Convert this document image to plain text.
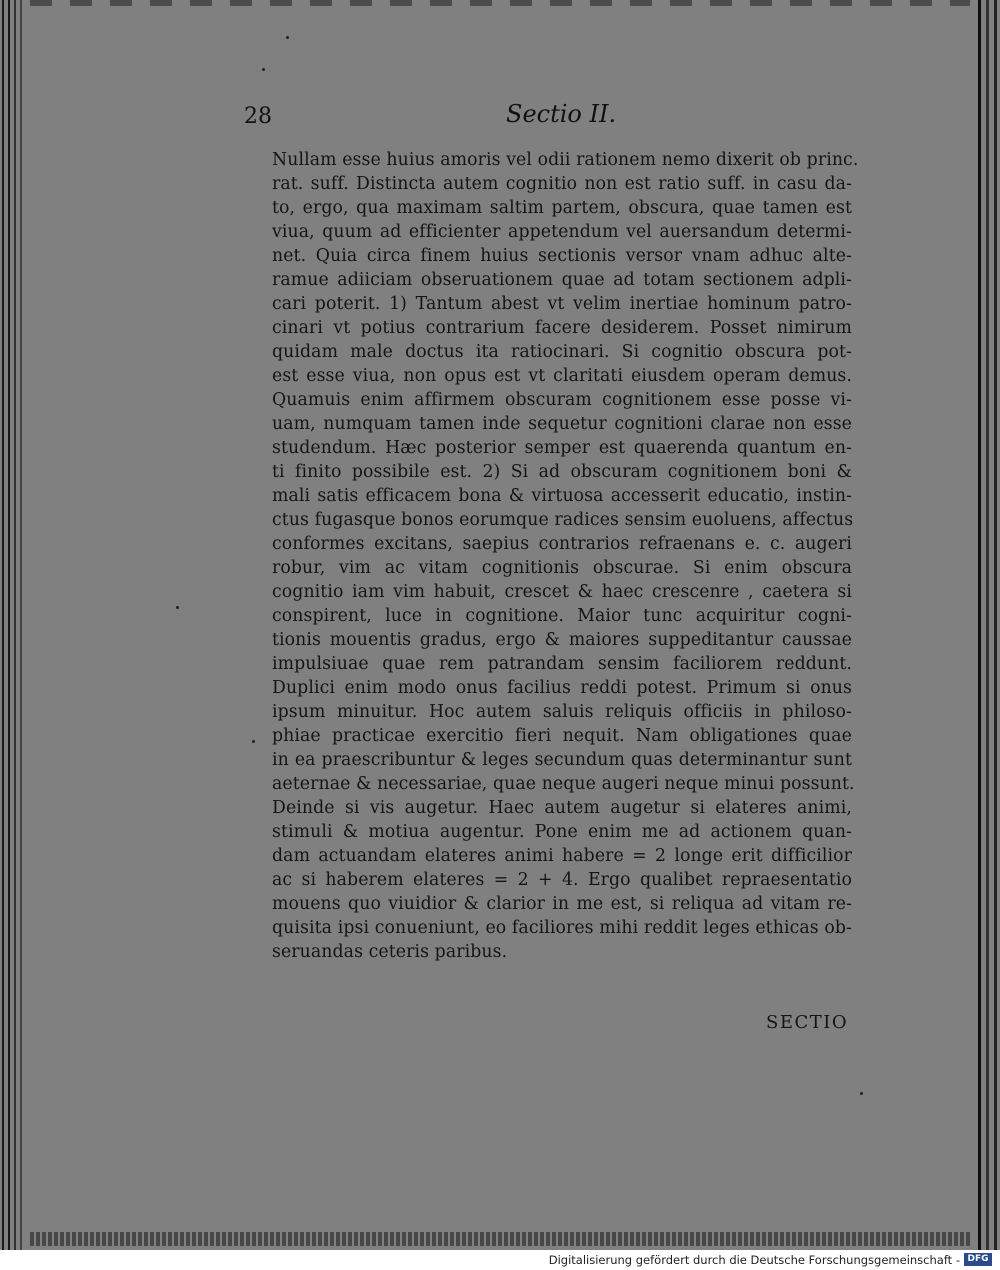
28	Sectio II.
Nullam esse huius amoris vel odii rationem nemo dixerit ob princ.
rat. suff. Distincta autem cognitio non est ratio suff. in casu da-
to, ergo, qua maximam saltim partem, obscura, quae tamen est
viua, quum ad efficienter appetendum vel auersandum determi-
net. Quia circa finem huius sectionis versor vnam adhuc alte-
ramue adiiciam obseruationem quae ad totam sectionem adpli-
cari poterit. 1) Tantum abest vt velim inertiae hominum patro-
cinari vt potius contrarium facere desiderem. Posset nimirum
quidam male doctus ita ratiocinari. Si cognitio obscura pot-
est esse viua, non opus est vt claritati eiusdem operam demus.
Quamuis enim affirmem obscuram cognitionem esse posse vi-
uam, numquam tamen inde sequetur cognitioni clarae non esse
studendum. Hæc posterior semper est quaerenda quantum en-
ti finito possibile est. 2) Si ad obscuram cognitionem boni &
mali satis efficacem bona & virtuosa accesserit educatio, instin-
ctus fugasque bonos eorumque radices sensim euoluens, affectus
conformes excitans, saepius contrarios refraenans e. c. augeri
robur, vim ac vitam cognitionis obscurae. Si enim obscura
cognitio iam vim habuit, crescet & haec crescenre , caetera si
conspirent, luce in cognitione. Maior tunc acquiritur cogni-
tionis mouentis gradus, ergo & maiores suppeditantur caussae
impulsiuae quae rem patrandam sensim faciliorem reddunt.
Duplici enim modo onus facilius reddi potest. Primum si onus
ipsum minuitur. Hoc autem saluis reliquis officiis in philoso-
phiae practicae exercitio fieri nequit. Nam obligationes quae
in ea praescribuntur & leges secundum quas determinantur sunt
aeternae & necessariae, quae neque augeri neque minui possunt.
Deinde si vis augetur. Haec autem augetur si elateres animi,
stimuli & motiua augentur. Pone enim me ad actionem quan-
dam actuandam elateres animi habere = 2 longe erit difficilior
ac si haberem elateres = 2 + 4. Ergo qualibet repraesentatio
mouens quo viuidior & clarior in me est, si reliqua ad vitam re-
quisita ipsi conueniunt, eo faciliores mihi reddit leges ethicas ob-
seruandas ceteris paribus.
SECTIO
Digitalisierung gefördert durch die Deutsche Forschungsgemeinschaft - DFG
